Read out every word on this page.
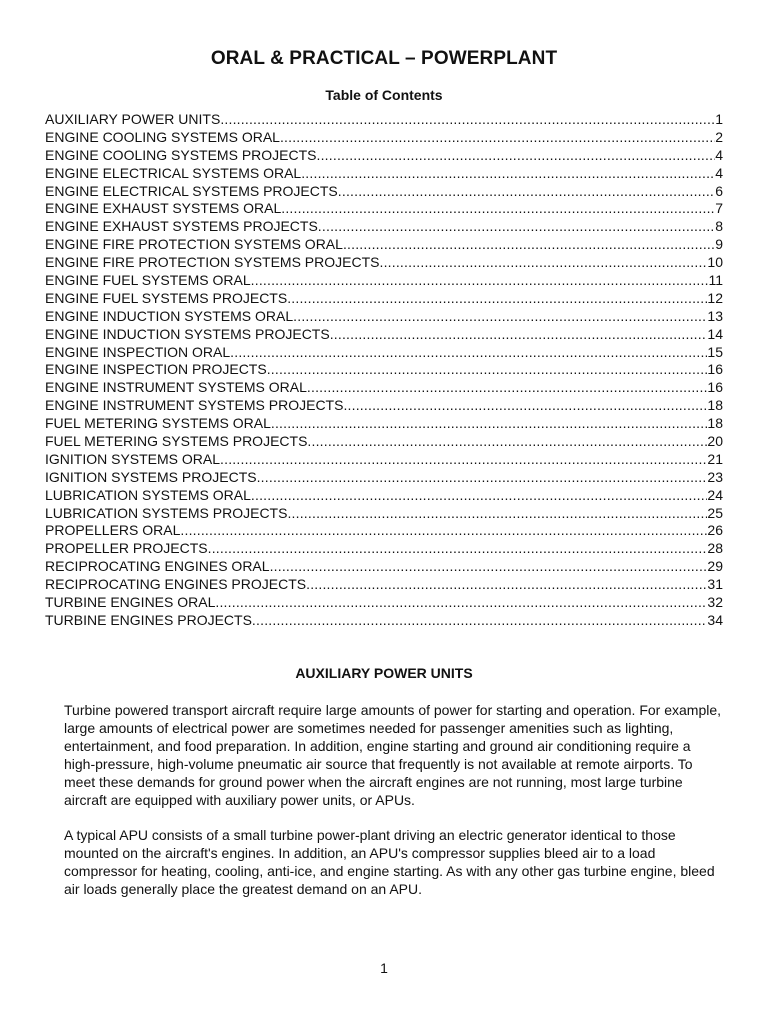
ORAL & PRACTICAL – POWERPLANT
Table of Contents
AUXILIARY POWER UNITS .....	1
ENGINE COOLING SYSTEMS ORAL .....	2
ENGINE COOLING SYSTEMS PROJECTS .....	4
ENGINE ELECTRICAL SYSTEMS ORAL .....	4
ENGINE ELECTRICAL SYSTEMS PROJECTS .....	6
ENGINE EXHAUST SYSTEMS ORAL .....	7
ENGINE EXHAUST SYSTEMS PROJECTS .....	8
ENGINE FIRE PROTECTION SYSTEMS ORAL .....	9
ENGINE FIRE PROTECTION SYSTEMS PROJECTS .....	10
ENGINE FUEL SYSTEMS ORAL .....	11
ENGINE FUEL SYSTEMS PROJECTS .....	12
ENGINE INDUCTION SYSTEMS ORAL .....	13
ENGINE INDUCTION SYSTEMS PROJECTS .....	14
ENGINE INSPECTION ORAL .....	15
ENGINE INSPECTION PROJECTS .....	16
ENGINE INSTRUMENT SYSTEMS ORAL .....	16
ENGINE INSTRUMENT SYSTEMS PROJECTS .....	18
FUEL METERING SYSTEMS ORAL .....	18
FUEL METERING SYSTEMS PROJECTS .....	20
IGNITION SYSTEMS ORAL .....	21
IGNITION SYSTEMS PROJECTS .....	23
LUBRICATION SYSTEMS ORAL .....	24
LUBRICATION SYSTEMS PROJECTS .....	25
PROPELLERS ORAL .....	26
PROPELLER PROJECTS .....	28
RECIPROCATING ENGINES ORAL .....	29
RECIPROCATING ENGINES PROJECTS .....	31
TURBINE ENGINES ORAL .....	32
TURBINE ENGINES PROJECTS .....	34
AUXILIARY POWER UNITS

Turbine powered transport aircraft require large amounts of power for starting and operation. For example, large amounts of electrical power are sometimes needed for passenger amenities such as lighting, entertainment, and food preparation. In addition, engine starting and ground air conditioning require a high-pressure, high-volume pneumatic air source that frequently is not available at remote airports. To meet these demands for ground power when the aircraft engines are not running, most large turbine aircraft are equipped with auxiliary power units, or APUs.

A typical APU consists of a small turbine power-plant driving an electric generator identical to those mounted on the aircraft's engines. In addition, an APU's compressor supplies bleed air to a load compressor for heating, cooling, anti-ice, and engine starting. As with any other gas turbine engine, bleed air loads generally place the greatest demand on an APU.

1
